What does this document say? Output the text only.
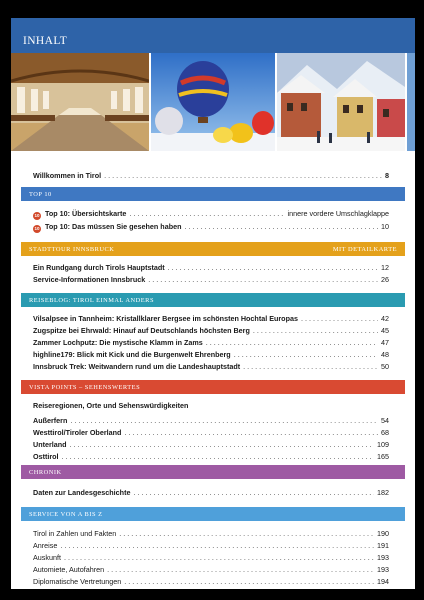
INHALT
Willkommen in Tirol .....	8
TOP 10
10 Top 10: Übersichtskarte .....	innere vordere Umschlagklappe
10 Top 10: Das müssen Sie gesehen haben .....	10
STADTTOUR INNSBRUCK	MIT DETAILKARTE
Ein Rundgang durch Tirols Hauptstadt .....	12
Service-Informationen Innsbruck .....	26
REISEBLOG: TIROL EINMAL ANDERS
Vilsalpsee in Tannheim: Kristallklarer Bergsee im schönsten Hochtal Europas .....	42
Zugspitze bei Ehrwald: Hinauf auf Deutschlands höchsten Berg .....	45
Zammer Lochputz: Die mystische Klamm in Zams .....	47
highline179: Blick mit Kick und die Burgenwelt Ehrenberg .....	48
Innsbruck Trek: Weitwandern rund um die Landeshauptstadt .....	50
VISTA POINTS – SEHENSWERTES
Reiseregionen, Orte und Sehenswürdigkeiten
Außerfern .....	54
Westtirol/Tiroler Oberland .....	68
Unterland .....	109
Osttirol .....	165
CHRONIK
Daten zur Landesgeschichte .....	182
SERVICE VON A BIS Z
Tirol in Zahlen und Fakten .....	190
Anreise .....	191
Auskunft .....	193
Automiete, Autofahren .....	193
Diplomatische Vertretungen .....	194
